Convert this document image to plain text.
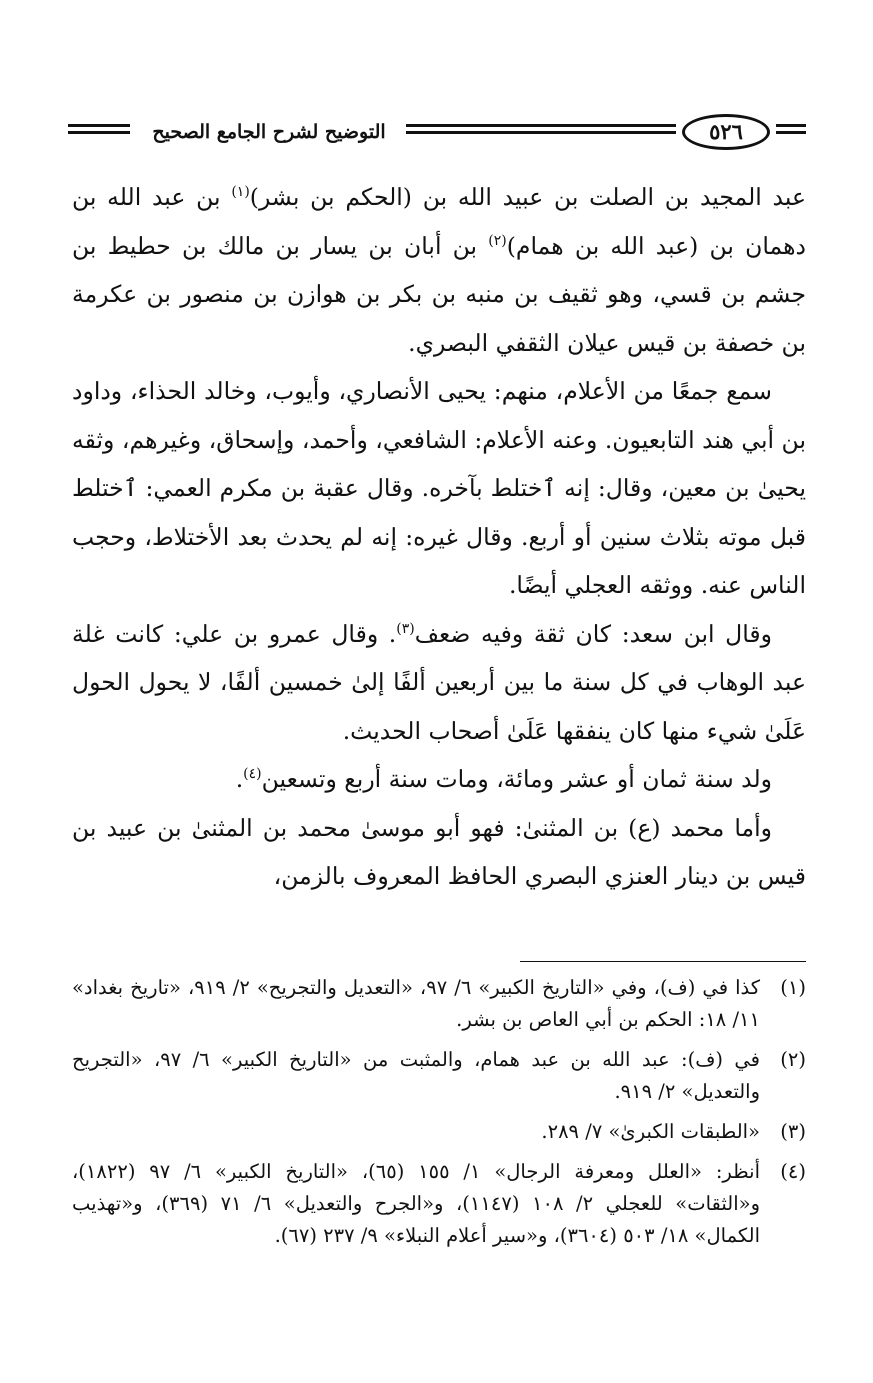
التوضيح لشرح الجامع الصحيح	٥٢٦

عبد المجيد بن الصلت بن عبيد الله بن (الحكم بن بشر)$^{(١)}$ بن عبد الله بن دهمان بن (عبد الله بن همام)$^{(٢)}$ بن أبان بن يسار بن مالك بن حطيط بن جشم بن قسي، وهو ثقيف بن منبه بن بكر بن هوازن بن منصور بن عكرمة بن خصفة بن قيس عيلان الثقفي البصري.

سمع جمعًا من الأعلام، منهم: يحيى الأنصاري، وأيوب، وخالد الحذاء، وداود بن أبي هند التابعيون. وعنه الأعلام: الشافعي، وأحمد، وإسحاق، وغيرهم، وثقه يحيىٰ بن معين، وقال: إنه ٱختلط بآخره. وقال عقبة بن مكرم العمي: ٱختلط قبل موته بثلاث سنين أو أربع. وقال غيره: إنه لم يحدث بعد الأختلاط، وحجب الناس عنه. ووثقه العجلي أيضًا.

وقال ابن سعد: كان ثقة وفيه ضعف$^{(٣)}$. وقال عمرو بن علي: كانت غلة عبد الوهاب في كل سنة ما بين أربعين ألفًا إلىٰ خمسين ألفًا، لا يحول الحول عَلَىٰ شيء منها كان ينفقها عَلَىٰ أصحاب الحديث.

ولد سنة ثمان أو عشر ومائة، ومات سنة أربع وتسعين$^{(٤)}$.

وأما محمد (ع) بن المثنىٰ: فهو أبو موسىٰ محمد بن المثنىٰ بن عبيد بن قيس بن دينار العنزي البصري الحافظ المعروف بالزمن،

(١)
كذا في (ف)، وفي «التاريخ الكبير» ٦/ ٩٧، «التعديل والتجريح» ٢/ ٩١٩، «تاريخ بغداد» ١١/ ١٨: الحكم بن أبي العاص بن بشر.
(٢)
في (ف): عبد الله بن عبد همام، والمثبت من «التاريخ الكبير» ٦/ ٩٧، «التجريح والتعديل» ٢/ ٩١٩.
(٣)
«الطبقات الكبرىٰ» ٧/ ٢٨٩.
(٤)
أنظر: «العلل ومعرفة الرجال» ١/ ١٥٥ (٦٥)، «التاريخ الكبير» ٦/ ٩٧ (١٨٢٢)، و«الثقات» للعجلي ٢/ ١٠٨ (١١٤٧)، و«الجرح والتعديل» ٦/ ٧١ (٣٦٩)، و«تهذيب الكمال» ١٨/ ٥٠٣ (٣٦٠٤)، و«سير أعلام النبلاء» ٩/ ٢٣٧ (٦٧).
